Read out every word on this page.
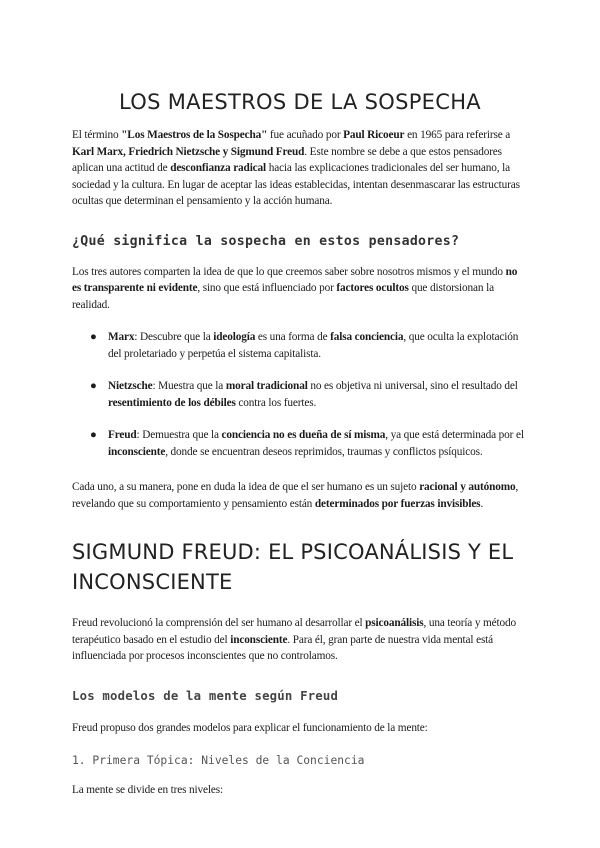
LOS MAESTROS DE LA SOSPECHA

El término "Los Maestros de la Sospecha" fue acuñado por Paul Ricoeur en 1965 para referirse a Karl Marx, Friedrich Nietzsche y Sigmund Freud. Este nombre se debe a que estos pensadores aplican una actitud de desconfianza radical hacia las explicaciones tradicionales del ser humano, la sociedad y la cultura. En lugar de aceptar las ideas establecidas, intentan desenmascarar las estructuras ocultas que determinan el pensamiento y la acción humana.

¿Qué significa la sospecha en estos pensadores?

Los tres autores comparten la idea de que lo que creemos saber sobre nosotros mismos y el mundo no es transparente ni evidente, sino que está influenciado por factores ocultos que distorsionan la realidad.

● Marx: Descubre que la ideología es una forma de falsa conciencia, que oculta la explotación del proletariado y perpetúa el sistema capitalista.
● Nietzsche: Muestra que la moral tradicional no es objetiva ni universal, sino el resultado del resentimiento de los débiles contra los fuertes.
● Freud: Demuestra que la conciencia no es dueña de sí misma, ya que está determinada por el inconsciente, donde se encuentran deseos reprimidos, traumas y conflictos psíquicos.

Cada uno, a su manera, pone en duda la idea de que el ser humano es un sujeto racional y autónomo, revelando que su comportamiento y pensamiento están determinados por fuerzas invisibles.

SIGMUND FREUD: EL PSICOANÁLISIS Y EL INCONSCIENTE

Freud revolucionó la comprensión del ser humano al desarrollar el psicoanálisis, una teoría y método terapéutico basado en el estudio del inconsciente. Para él, gran parte de nuestra vida mental está influenciada por procesos inconscientes que no controlamos.

Los modelos de la mente según Freud

Freud propuso dos grandes modelos para explicar el funcionamiento de la mente:

1. Primera Tópica: Niveles de la Conciencia

La mente se divide en tres niveles:
